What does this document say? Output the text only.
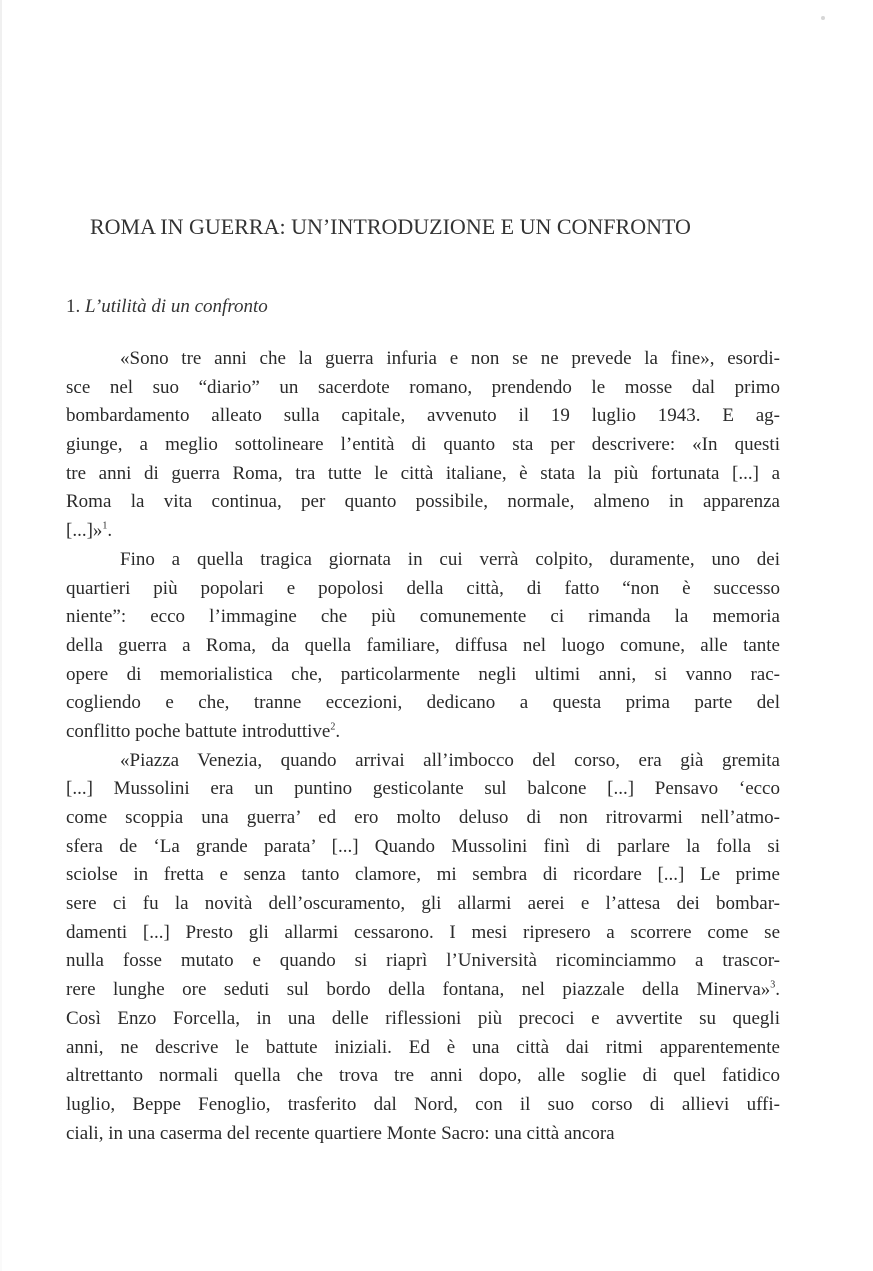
ROMA IN GUERRA: UN’INTRODUZIONE E UN CONFRONTO
1. L’utilità di un confronto
«Sono tre anni che la guerra infuria e non se ne prevede la fine», esordi-
sce nel suo “diario” un sacerdote romano, prendendo le mosse dal primo
bombardamento alleato sulla capitale, avvenuto il 19 luglio 1943. E ag-
giunge, a meglio sottolineare l’entità di quanto sta per descrivere: «In questi
tre anni di guerra Roma, tra tutte le città italiane, è stata la più fortunata [...] a
Roma la vita continua, per quanto possibile, normale, almeno in apparenza
[...]»$^1$.
Fino a quella tragica giornata in cui verrà colpito, duramente, uno dei
quartieri più popolari e popolosi della città, di fatto “non è successo
niente”: ecco l’immagine che più comunemente ci rimanda la memoria
della guerra a Roma, da quella familiare, diffusa nel luogo comune, alle tante
opere di memorialistica che, particolarmente negli ultimi anni, si vanno rac-
cogliendo e che, tranne eccezioni, dedicano a questa prima parte del
conflitto poche battute introduttive$^2$.
«Piazza Venezia, quando arrivai all’imbocco del corso, era già gremita
[...] Mussolini era un puntino gesticolante sul balcone [...] Pensavo ‘ecco
come scoppia una guerra’ ed ero molto deluso di non ritrovarmi nell’atmo-
sfera de ‘La grande parata’ [...] Quando Mussolini finì di parlare la folla si
sciolse in fretta e senza tanto clamore, mi sembra di ricordare [...] Le prime
sere ci fu la novità dell’oscuramento, gli allarmi aerei e l’attesa dei bombar-
damenti [...] Presto gli allarmi cessarono. I mesi ripresero a scorrere come se
nulla fosse mutato e quando si riaprì l’Università ricominciammo a trascor-
rere lunghe ore seduti sul bordo della fontana, nel piazzale della Minerva»$^3$.
Così Enzo Forcella, in una delle riflessioni più precoci e avvertite su quegli
anni, ne descrive le battute iniziali. Ed è una città dai ritmi apparentemente
altrettanto normali quella che trova tre anni dopo, alle soglie di quel fatidico
luglio, Beppe Fenoglio, trasferito dal Nord, con il suo corso di allievi uffi-
ciali, in una caserma del recente quartiere Monte Sacro: una città ancora
